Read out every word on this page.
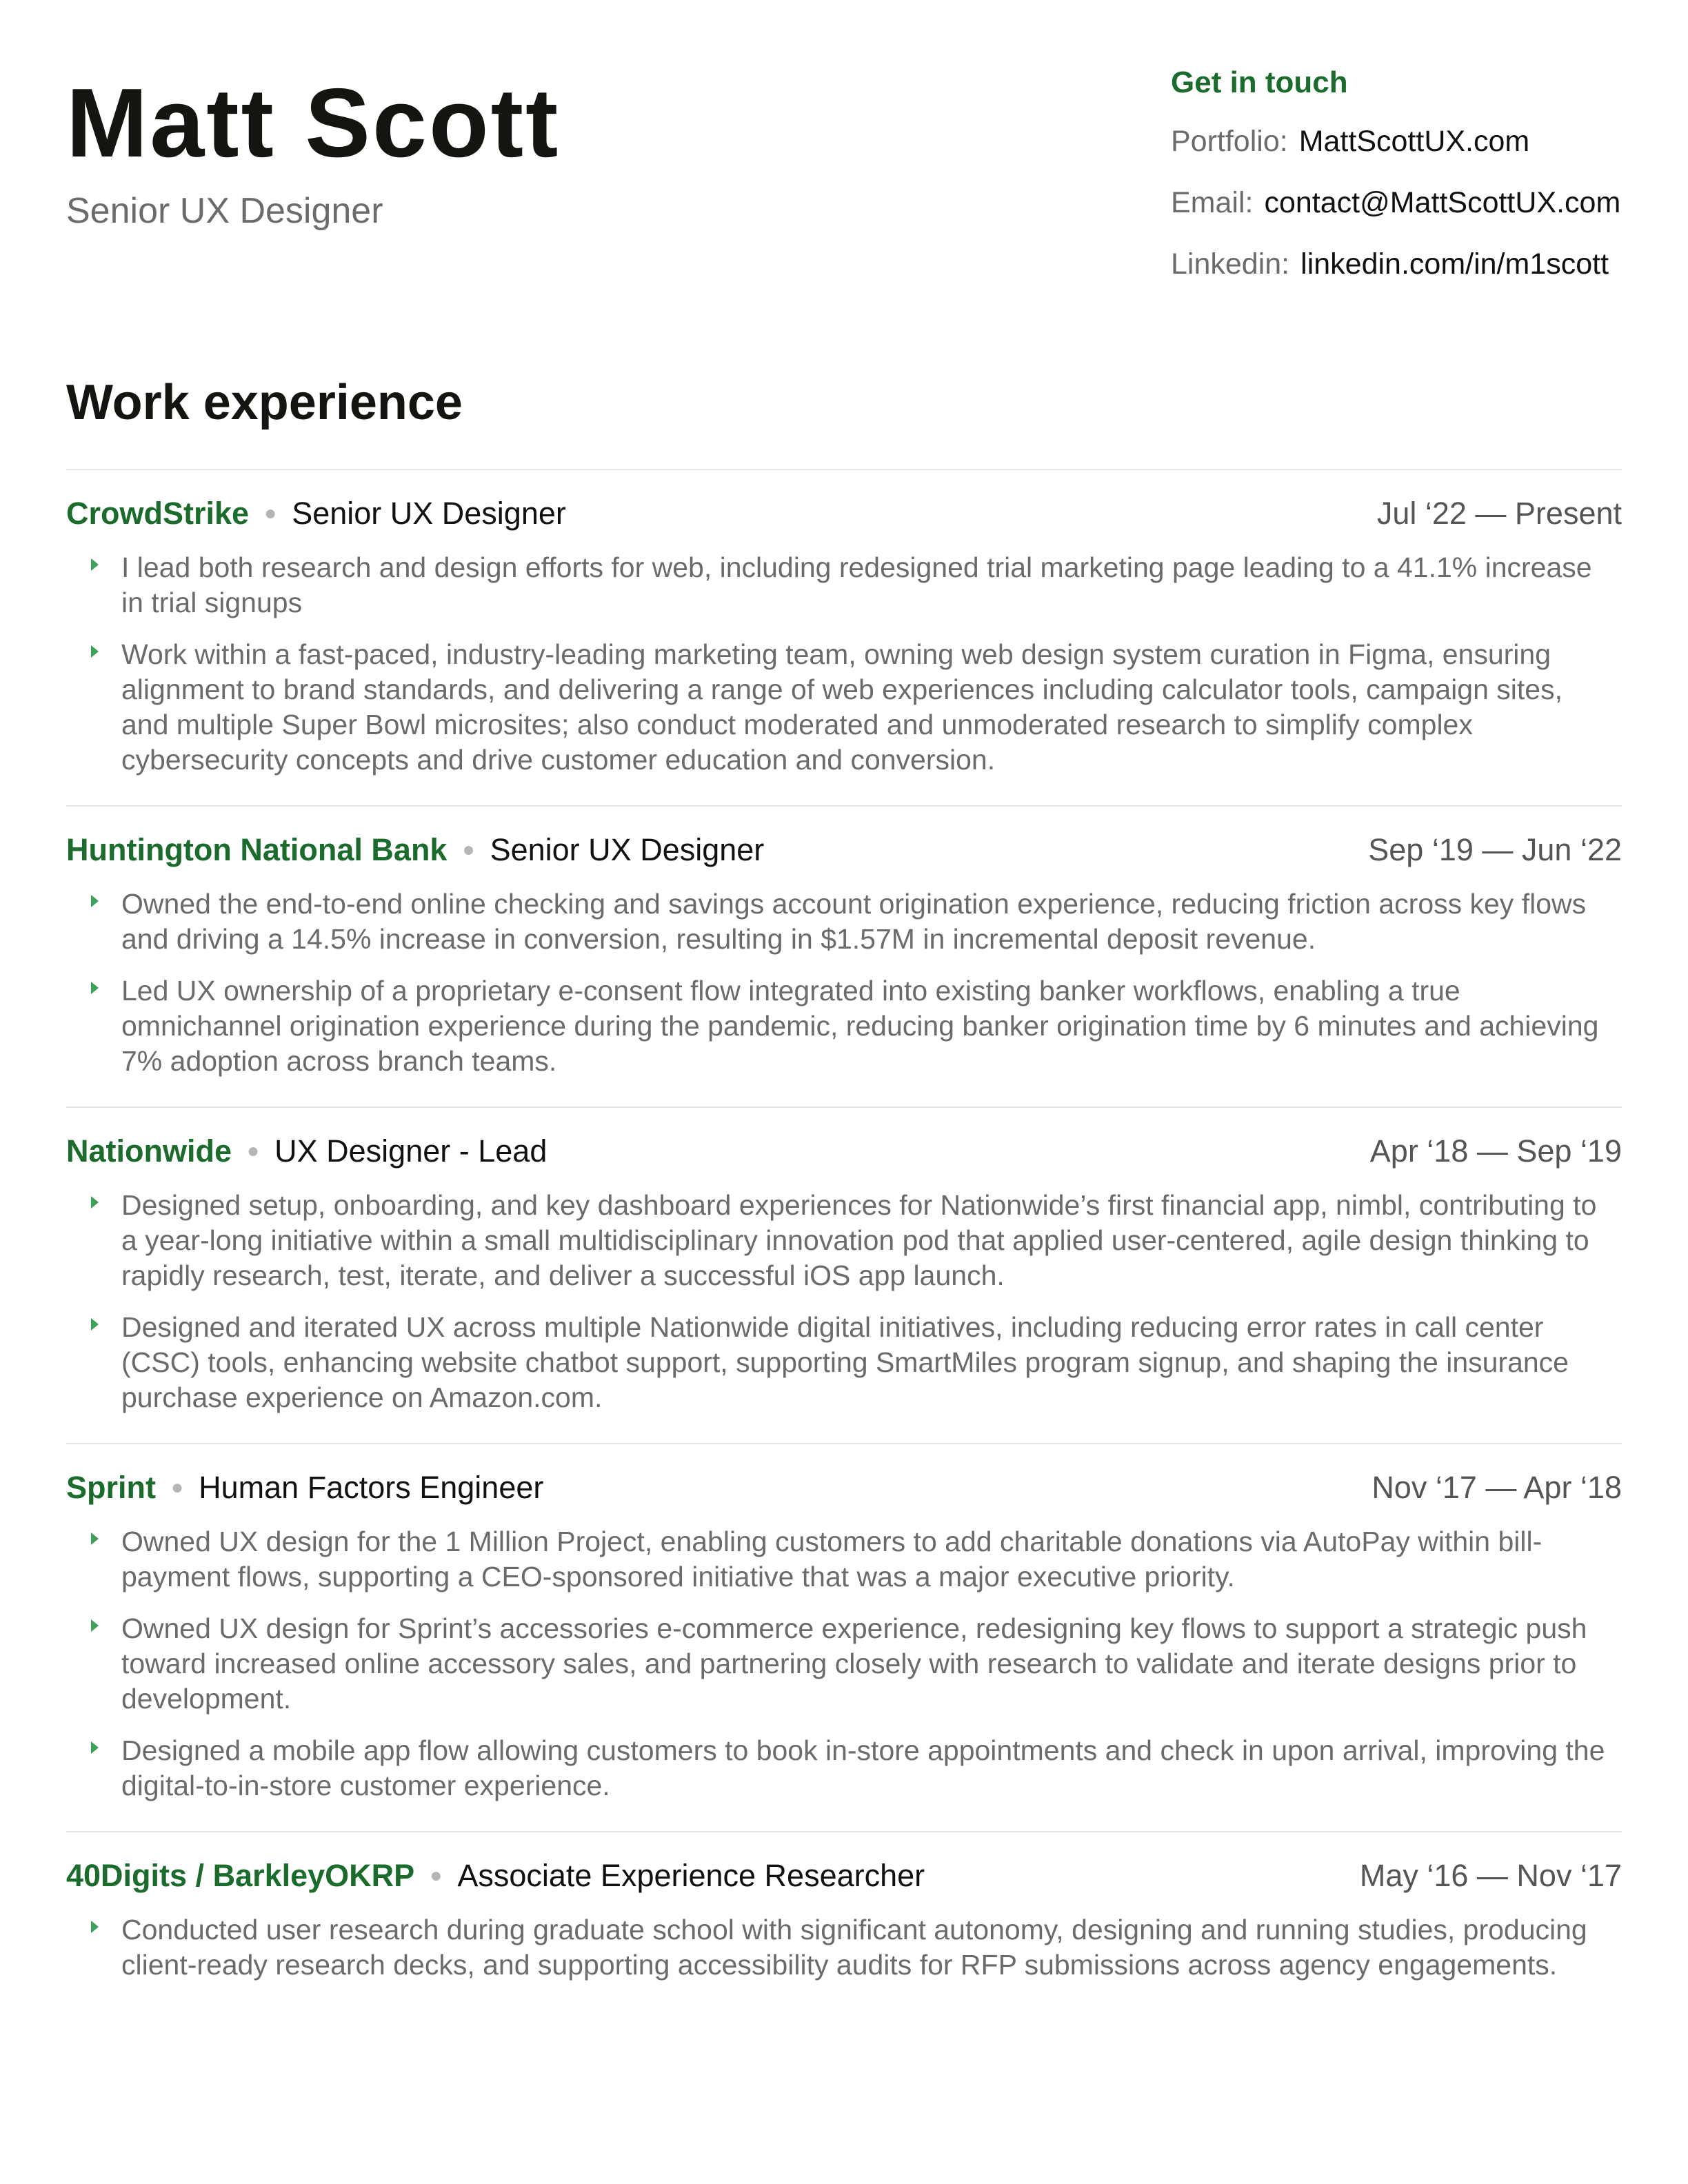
Matt Scott
Senior UX Designer
Get in touch
Portfolio: MattScottUX.com
Email: contact@MattScottUX.com
Linkedin: linkedin.com/in/m1scott
Work experience
CrowdStrike ● Senior UX Designer	Jul ‘22 — Present
I lead both research and design efforts for web, including redesigned trial marketing page leading to a 41.1% increase in trial signups
Work within a fast-paced, industry-leading marketing team, owning web design system curation in Figma, ensuring alignment to brand standards, and delivering a range of web experiences including calculator tools, campaign sites, and multiple Super Bowl microsites; also conduct moderated and unmoderated research to simplify complex cybersecurity concepts and drive customer education and conversion.
Huntington National Bank ● Senior UX Designer	Sep ‘19 — Jun ‘22
Owned the end-to-end online checking and savings account origination experience, reducing friction across key flows and driving a 14.5% increase in conversion, resulting in $1.57M in incremental deposit revenue.
Led UX ownership of a proprietary e-consent flow integrated into existing banker workflows, enabling a true omnichannel origination experience during the pandemic, reducing banker origination time by 6 minutes and achieving 7% adoption across branch teams.
Nationwide ● UX Designer - Lead	Apr ‘18 — Sep ‘19
Designed setup, onboarding, and key dashboard experiences for Nationwide’s first financial app, nimbl, contributing to a year-long initiative within a small multidisciplinary innovation pod that applied user-centered, agile design thinking to rapidly research, test, iterate, and deliver a successful iOS app launch.
Designed and iterated UX across multiple Nationwide digital initiatives, including reducing error rates in call center (CSC) tools, enhancing website chatbot support, supporting SmartMiles program signup, and shaping the insurance purchase experience on Amazon.com.
Sprint ● Human Factors Engineer	Nov ‘17 — Apr ‘18
Owned UX design for the 1 Million Project, enabling customers to add charitable donations via AutoPay within bill-payment flows, supporting a CEO-sponsored initiative that was a major executive priority.
Owned UX design for Sprint’s accessories e-commerce experience, redesigning key flows to support a strategic push toward increased online accessory sales, and partnering closely with research to validate and iterate designs prior to development.
Designed a mobile app flow allowing customers to book in-store appointments and check in upon arrival, improving the digital-to-in-store customer experience.
40Digits / BarkleyOKRP ● Associate Experience Researcher	May ‘16 — Nov ‘17
Conducted user research during graduate school with significant autonomy, designing and running studies, producing client-ready research decks, and supporting accessibility audits for RFP submissions across agency engagements.
